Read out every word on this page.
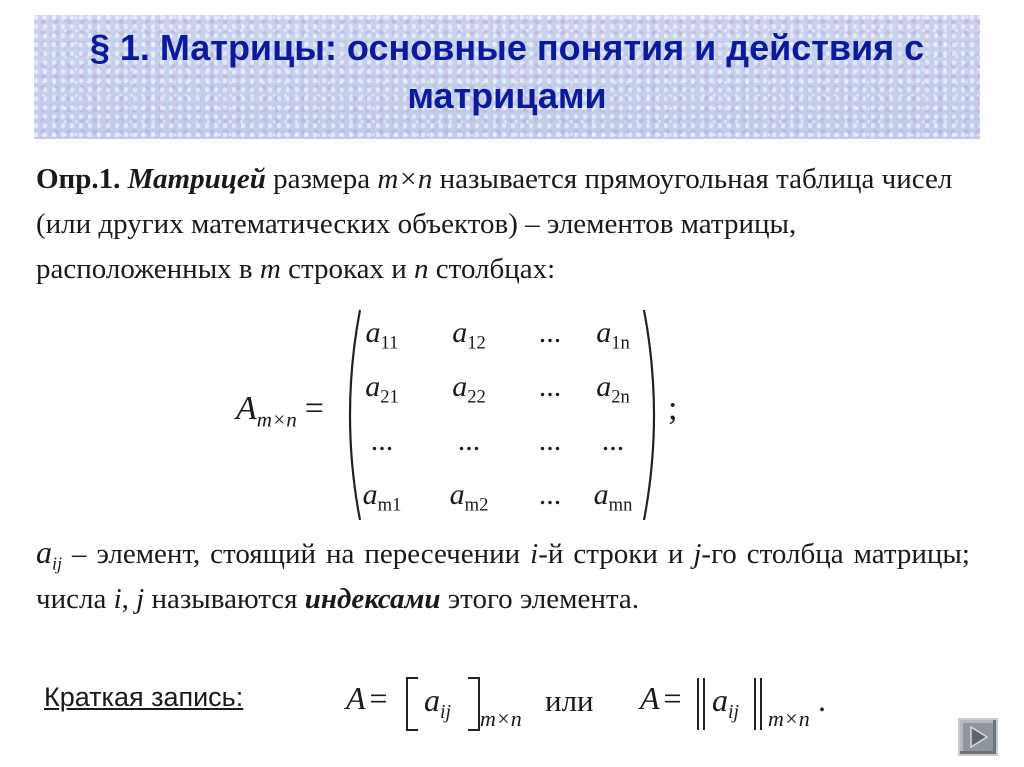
§ 1. Матрицы: основные понятия и действия с матрицами

Опр.1. Матрицей размера m×n называется прямоугольная таблица чисел (или других математических объектов) – элементов матрицы, расположенных в m строках и n столбцах:

$A_{m\times n}$ =
$a_{11}$	$a_{12}$	...	$a_{1n}$
$a_{21}$	$a_{22}$	...	$a_{2n}$
...	...	...	...
$a_{m1}$	$a_{m2}$	...	$a_{mn}$
;

$a_{ij}$ – элемент, стоящий на пересечении i-й строки и j-го столбца матрицы; числа i, j называются индексами этого элемента.

Краткая запись:	$A = a_{ij}$ m×n
или $A = a_{ij}$ m×n
.
